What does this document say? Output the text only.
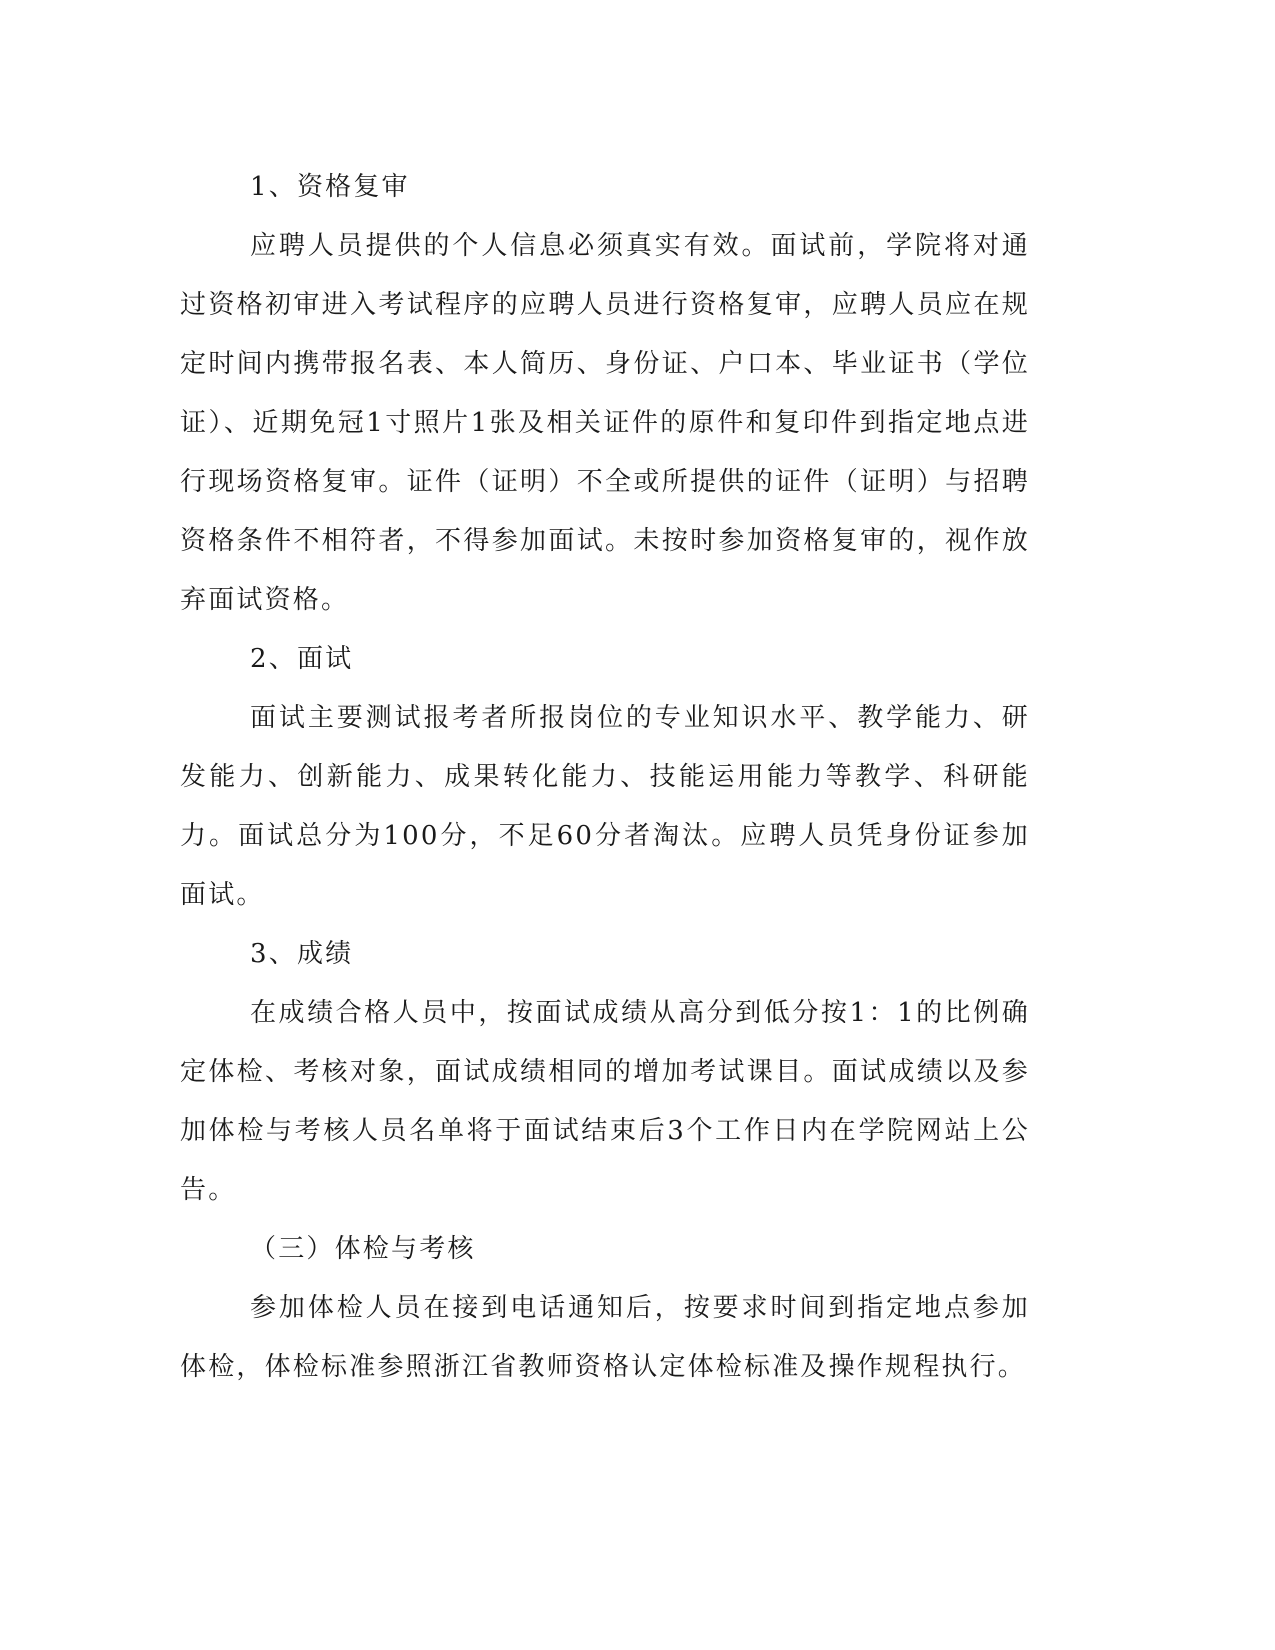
1、资格复审

应聘人员提供的个人信息必须真实有效。面试前，学院将对通过资格初审进入考试程序的应聘人员进行资格复审，应聘人员应在规定时间内携带报名表、本人简历、身份证、户口本、毕业证书（学位证）、近期免冠1寸照片1张及相关证件的原件和复印件到指定地点进行现场资格复审。证件（证明）不全或所提供的证件（证明）与招聘资格条件不相符者，不得参加面试。未按时参加资格复审的，视作放弃面试资格。

2、面试

面试主要测试报考者所报岗位的专业知识水平、教学能力、研发能力、创新能力、成果转化能力、技能运用能力等教学、科研能力。面试总分为100分，不足60分者淘汰。应聘人员凭身份证参加面试。

3、成绩

在成绩合格人员中，按面试成绩从高分到低分按1：1的比例确定体检、考核对象，面试成绩相同的增加考试课目。面试成绩以及参加体检与考核人员名单将于面试结束后3个工作日内在学院网站上公告。

（三）体检与考核

参加体检人员在接到电话通知后，按要求时间到指定地点参加体检，体检标准参照浙江省教师资格认定体检标准及操作规程执行。
